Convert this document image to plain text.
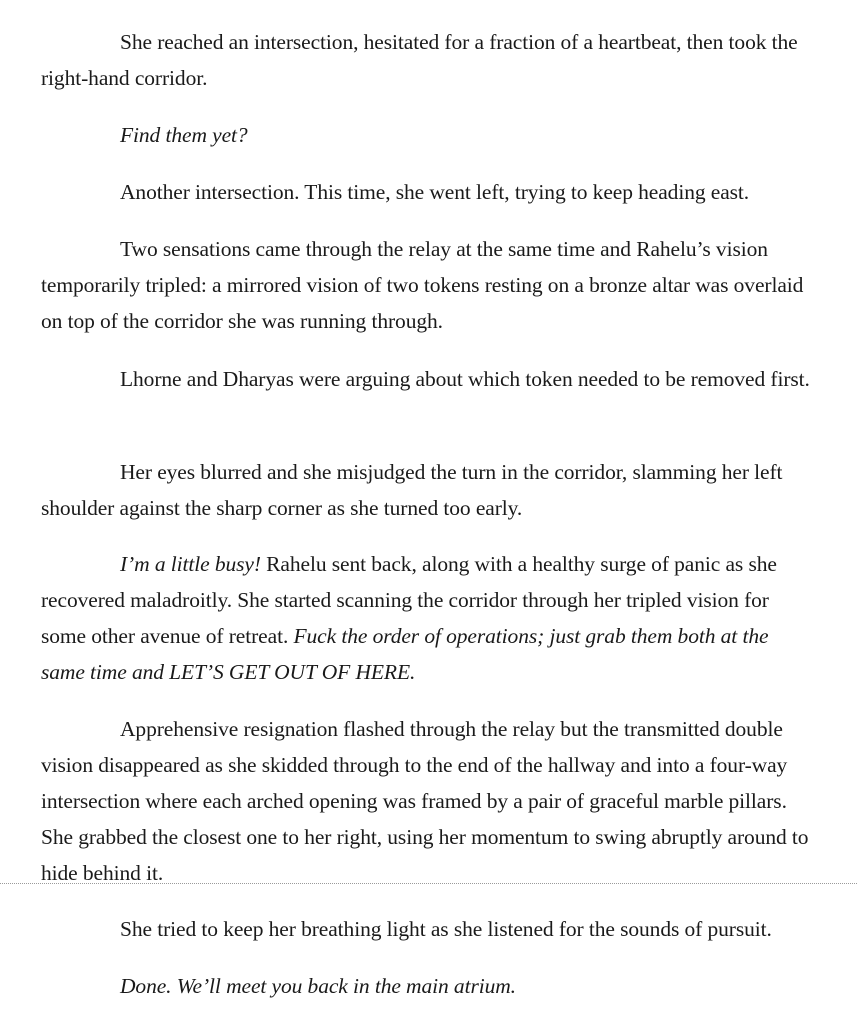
She reached an intersection, hesitated for a fraction of a heartbeat, then took the right-hand corridor.

Find them yet?

Another intersection. This time, she went left, trying to keep heading east.

Two sensations came through the relay at the same time and Rahelu’s vision temporarily tripled: a mirrored vision of two tokens resting on a bronze altar was overlaid on top of the corridor she was running through.

Lhorne and Dharyas were arguing about which token needed to be removed first.

Her eyes blurred and she misjudged the turn in the corridor, slamming her left shoulder against the sharp corner as she turned too early.

I’m a little busy! Rahelu sent back, along with a healthy surge of panic as she recovered maladroitly. She started scanning the corridor through her tripled vision for some other avenue of retreat. Fuck the order of operations; just grab them both at the same time and LET’S GET OUT OF HERE.

Apprehensive resignation flashed through the relay but the transmitted double vision disappeared as she skidded through to the end of the hallway and into a four-way intersection where each arched opening was framed by a pair of graceful marble pillars. She grabbed the closest one to her right, using her momentum to swing abruptly around to hide behind it.

She tried to keep her breathing light as she listened for the sounds of pursuit.

Done. We’ll meet you back in the main atrium.
